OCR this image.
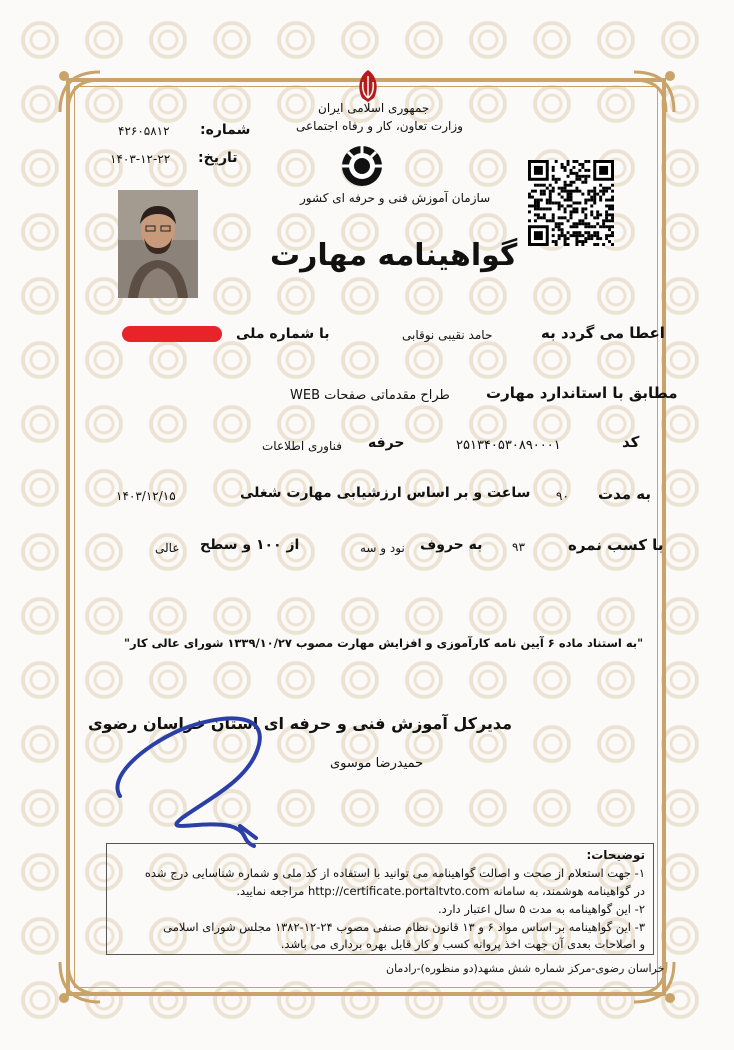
جمهوری اسلامی ایران
وزارت تعاون، کار و رفاه اجتماعی
سازمان آموزش فنی و حرفه ای کشور
شماره:
۴۲۶۰۵۸۱۲
تاریخ:
۱۴۰۳-۱۲-۲۲
گواهینامه مهارت
اعطا می گردد به
حامد نقیبی نوقابی
با شماره ملی
مطابق با استاندارد مهارت
طراح مقدماتی صفحات WEB
کد
۲۵۱۳۴۰۵۳۰۸۹۰۰۰۱
حرفه
فناوری اطلاعات
به مدت
۹۰
ساعت و بر اساس ارزشیابی مهارت شغلی
۱۴۰۳/۱۲/۱۵
با کسب نمره
۹۳
به حروف
نود و سه
از ۱۰۰ و سطح
عالی
"به استناد ماده ۶ آیین نامه کارآموزی و افزایش مهارت مصوب ۱۳۳۹/۱۰/۲۷ شورای عالی کار"
مدیرکل آموزش فنی و حرفه ای استان خراسان رضوی
حمیدرضا موسوی
توضیحات:
۱- جهت استعلام از صحت و اصالت گواهینامه می توانید با استفاده از کد ملی و شماره شناسایی درج شده
در گواهینامه هوشمند، به سامانه http://certificate.portaltvto.com مراجعه نمایید.
۲- این گواهینامه به مدت ۵ سال اعتبار دارد.
۳- این گواهینامه بر اساس مواد ۶ و ۱۳ قانون نظام صنفی مصوب ۲۴-۱۲-۱۳۸۲ مجلس شورای اسلامی
و اصلاحات بعدی آن جهت اخذ پروانه کسب و کار قابل بهره برداری می باشد.
خراسان رضوی-مرکز شماره شش مشهد(دو منظوره)-رادمان
